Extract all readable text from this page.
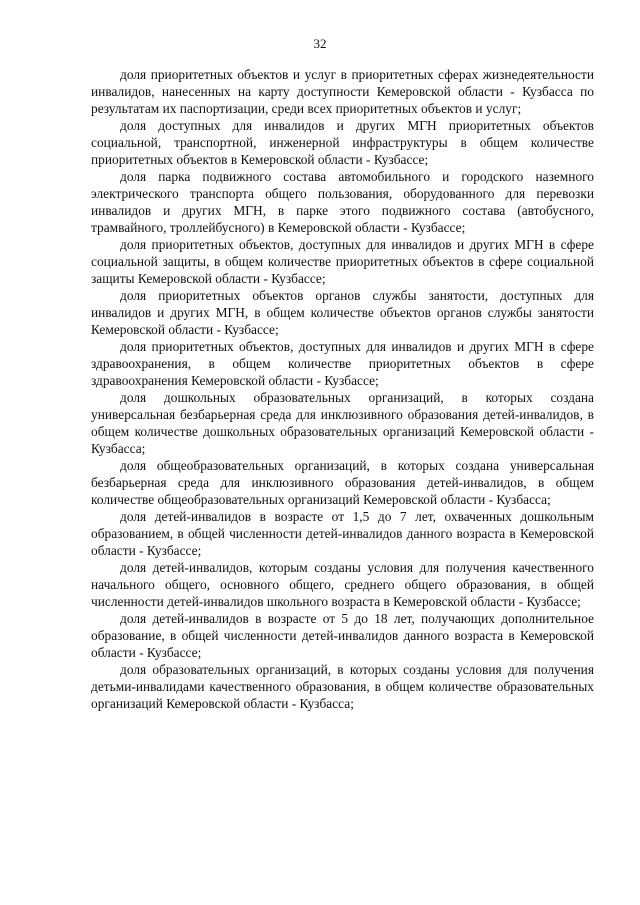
32

доля приоритетных объектов и услуг в приоритетных сферах жизнедеятельности инвалидов, нанесенных на карту доступности Кемеровской области - Кузбасса по результатам их паспортизации, среди всех приоритетных объектов и услуг;

доля доступных для инвалидов и других МГН приоритетных объектов социальной, транспортной, инженерной инфраструктуры в общем количестве приоритетных объектов в Кемеровской области - Кузбассе;

доля парка подвижного состава автомобильного и городского наземного электрического транспорта общего пользования, оборудованного для перевозки инвалидов и других МГН, в парке этого подвижного состава (автобусного, трамвайного, троллейбусного) в Кемеровской области - Кузбассе;

доля приоритетных объектов, доступных для инвалидов и других МГН в сфере социальной защиты, в общем количестве приоритетных объектов в сфере социальной защиты Кемеровской области - Кузбассе;

доля приоритетных объектов органов службы занятости, доступных для инвалидов и других МГН, в общем количестве объектов органов службы занятости Кемеровской области - Кузбассе;

доля приоритетных объектов, доступных для инвалидов и других МГН в сфере здравоохранения, в общем количестве приоритетных объектов в сфере здравоохранения Кемеровской области - Кузбассе;

доля дошкольных образовательных организаций, в которых создана универсальная безбарьерная среда для инклюзивного образования детей-инвалидов, в общем количестве дошкольных образовательных организаций Кемеровской области - Кузбасса;

доля общеобразовательных организаций, в которых создана универсальная безбарьерная среда для инклюзивного образования детей-инвалидов, в общем количестве общеобразовательных организаций Кемеровской области - Кузбасса;

доля детей-инвалидов в возрасте от 1,5 до 7 лет, охваченных дошкольным образованием, в общей численности детей-инвалидов данного возраста в Кемеровской области - Кузбассе;

доля детей-инвалидов, которым созданы условия для получения качественного начального общего, основного общего, среднего общего образования, в общей численности детей-инвалидов школьного возраста в Кемеровской области - Кузбассе;

доля детей-инвалидов в возрасте от 5 до 18 лет, получающих дополнительное образование, в общей численности детей-инвалидов данного возраста в Кемеровской области - Кузбассе;

доля образовательных организаций, в которых созданы условия для получения детьми-инвалидами качественного образования, в общем количестве образовательных организаций Кемеровской области - Кузбасса;
